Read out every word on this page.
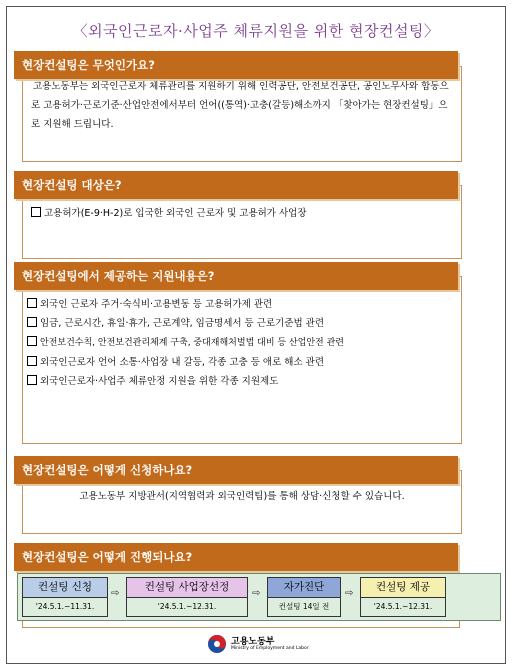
〈외국인근로자·사업주 체류지원을 위한 현장컨설팅〉

고용노동부는 외국인근로자 체류관리를 지원하기 위해 인력공단, 안전보건공단, 공인노무사와 합동으로 고용허가·근로기준·산업안전에서부터 언어((통역)·고충(갈등)해소까지 「찾아가는 현장컨설팅」으로 지원해 드립니다.

현장컨설팅은 무엇인가요?
고용허가(E-9·H-2)로 입국한 외국인 근로자 및 고용허가 사업장
현장컨설팅 대상은?
외국인 근로자 주거·숙식비·고용변동 등 고용허가제 관련
임금, 근로시간, 휴일·휴가, 근로계약, 임금명세서 등 근로기준법 관련
안전보건수칙, 안전보건관리체계 구축, 중대재해처벌법 대비 등 산업안전 관련
외국인근로자 언어 소통·사업장 내 갈등, 각종 고충 등 애로 해소 관련
외국인근로자·사업주 체류안정 지원을 위한 각종 지원제도
현장컨설팅에서 제공하는 지원내용은?

고용노동부 지방관서(지역협력과 외국인력팀)를 통해 상담·신청할 수 있습니다.

현장컨설팅은 어떻게 신청하나요?
현장컨설팅은 어떻게 진행되나요?
컨설팅 신청
'24.5.1.~11.31.
⇨
컨설팅 사업장선정
'24.5.1.~12.31.
⇨
자가진단
컨설팅 14일 전
⇨
컨설팅 제공
'24.5.1.~12.31.
고용노동부
Ministry of Employment and Labor
